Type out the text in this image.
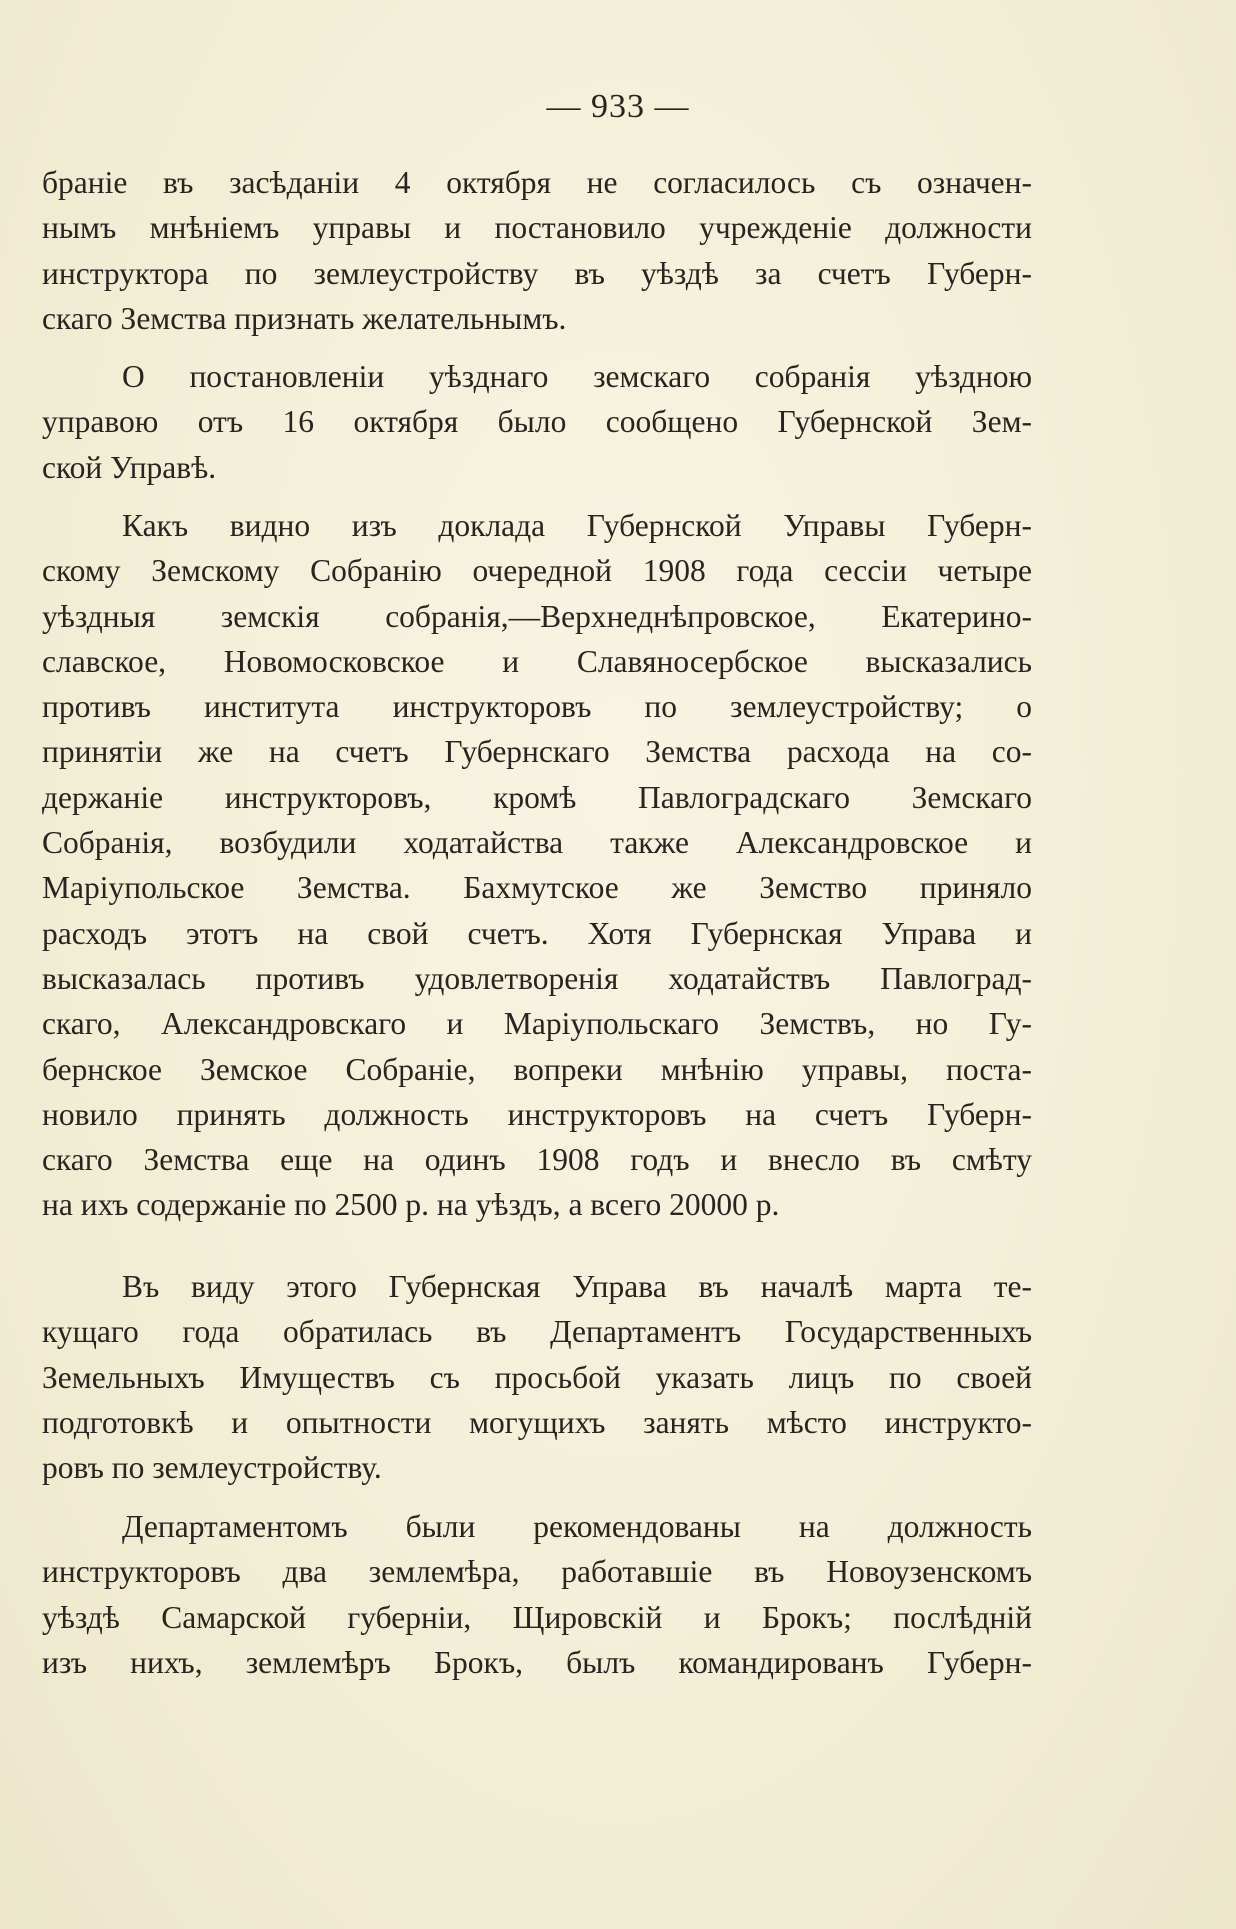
— 933 —
браніе въ засѣданіи 4 октября не согласилось съ означен-
нымъ мнѣніемъ управы и постановило учрежденіе должности
инструктора по землеустройству въ уѣздѣ за счетъ Губерн-
скаго Земства признать желательнымъ.
О постановленіи уѣзднаго земскаго собранія уѣздною
управою отъ 16 октября было сообщено Губернской Зем-
ской Управѣ.
Какъ видно изъ доклада Губернской Управы Губерн-
скому Земскому Собранію очередной 1908 года сессіи четыре
уѣздныя земскія собранія,—Верхнеднѣпровское, Екатерино-
славское, Новомосковское и Славяносербское высказались
противъ института инструкторовъ по землеустройству; о
принятіи же на счетъ Губернскаго Земства расхода на со-
держаніе инструкторовъ, кромѣ Павлоградскаго Земскаго
Собранія, возбудили ходатайства также Александровское и
Маріупольское Земства. Бахмутское же Земство приняло
расходъ этотъ на свой счетъ. Хотя Губернская Управа и
высказалась противъ удовлетворенія ходатайствъ Павлоград-
скаго, Александровскаго и Маріупольскаго Земствъ, но Гу-
бернское Земское Собраніе, вопреки мнѣнію управы, поста-
новило принять должность инструкторовъ на счетъ Губерн-
скаго Земства еще на одинъ 1908 годъ и внесло въ смѣту
на ихъ содержаніе по 2500 р. на уѣздъ, а всего 20000 р.
Въ виду этого Губернская Управа въ началѣ марта те-
кущаго года обратилась въ Департаментъ Государственныхъ
Земельныхъ Имуществъ съ просьбой указать лицъ по своей
подготовкѣ и опытности могущихъ занять мѣсто инструкто-
ровъ по землеустройству.
Департаментомъ были рекомендованы на должность
инструкторовъ два землемѣра, работавшіе въ Новоузенскомъ
уѣздѣ Самарской губерніи, Щировскій и Брокъ; послѣдній
изъ нихъ, землемѣръ Брокъ, былъ командированъ Губерн-
